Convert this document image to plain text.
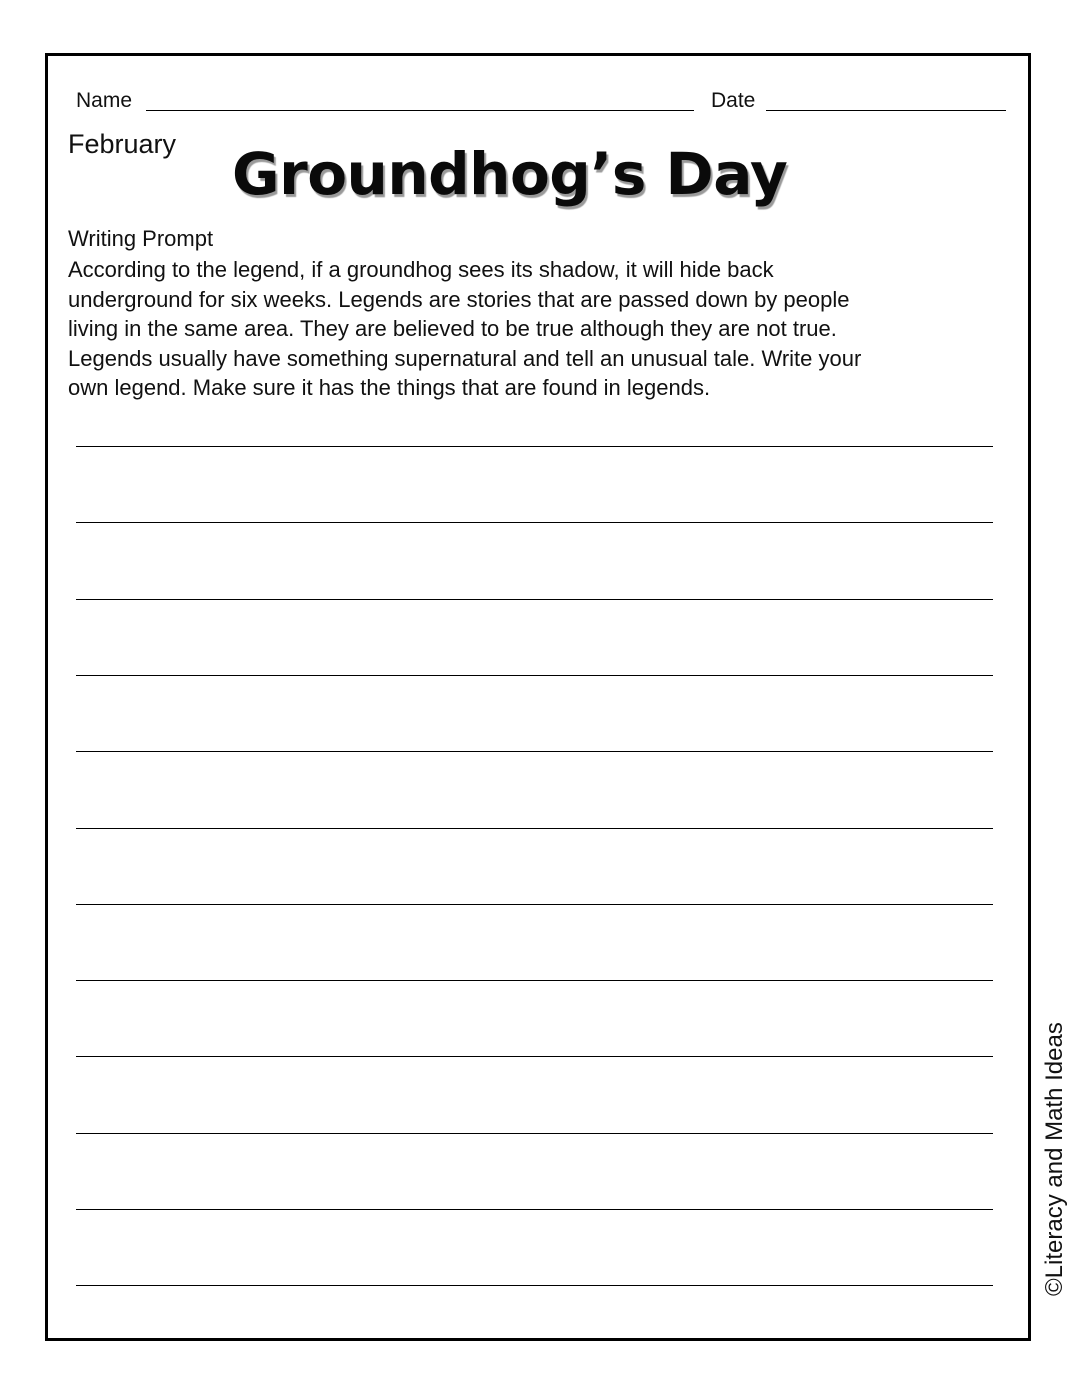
Name	Date
February Groundhog’s Day
Writing Prompt
According to the legend, if a groundhog sees its shadow, it will hide back
underground for six weeks. Legends are stories that are passed down by people
living in the same area. They are believed to be true although they are not true.
Legends usually have something supernatural and tell an unusual tale. Write your
own legend. Make sure it has the things that are found in legends.
©Literacy and Math Ideas
